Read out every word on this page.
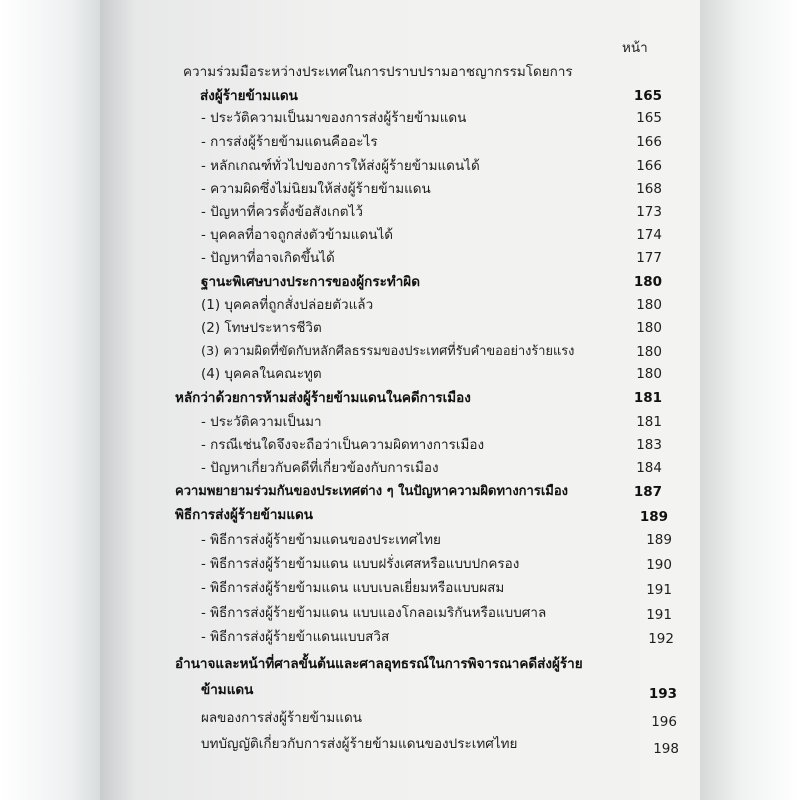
หน้า
ความร่วมมือระหว่างประเทศในการปราบปรามอาชญากรรมโดยการ
ส่งผู้ร้ายข้ามแดน	165
- ประวัติความเป็นมาของการส่งผู้ร้ายข้ามแดน	165
- การส่งผู้ร้ายข้ามแดนคืออะไร	166
- หลักเกณฑ์ทั่วไปของการให้ส่งผู้ร้ายข้ามแดนได้	166
- ความผิดซึ่งไม่นิยมให้ส่งผู้ร้ายข้ามแดน	168
- ปัญหาที่ควรตั้งข้อสังเกตไว้	173
- บุคคลที่อาจถูกส่งตัวข้ามแดนได้	174
- ปัญหาที่อาจเกิดขึ้นได้	177
ฐานะพิเศษบางประการของผู้กระทำผิด	180
(1) บุคคลที่ถูกสั่งปล่อยตัวแล้ว	180
(2) โทษประหารชีวิต	180
(3) ความผิดที่ขัดกับหลักศีลธรรมของประเทศที่รับคำขออย่างร้ายแรง	180
(4) บุคคลในคณะทูต	180
หลักว่าด้วยการห้ามส่งผู้ร้ายข้ามแดนในคดีการเมือง	181
- ประวัติความเป็นมา	181
- กรณีเช่นใดจึงจะถือว่าเป็นความผิดทางการเมือง	183
- ปัญหาเกี่ยวกับคดีที่เกี่ยวข้องกับการเมือง	184
ความพยายามร่วมกันของประเทศต่าง ๆ ในปัญหาความผิดทางการเมือง	187
พิธีการส่งผู้ร้ายข้ามแดน	189
- พิธีการส่งผู้ร้ายข้ามแดนของประเทศไทย	189
- พิธีการส่งผู้ร้ายข้ามแดน แบบฝรั่งเศสหรือแบบปกครอง	190
- พิธีการส่งผู้ร้ายข้ามแดน แบบเบลเยี่ยมหรือแบบผสม	191
- พิธีการส่งผู้ร้ายข้ามแดน แบบแองโกลอเมริกันหรือแบบศาล	191
- พิธีการส่งผู้ร้ายข้าแดนแบบสวิส	192
อำนาจและหน้าที่ศาลขั้นต้นและศาลอุทธรณ์ในการพิจารณาคดีส่งผู้ร้าย
ข้ามแดน	193
ผลของการส่งผู้ร้ายข้ามแดน	196
บทบัญญัติเกี่ยวกับการส่งผู้ร้ายข้ามแดนของประเทศไทย	198
